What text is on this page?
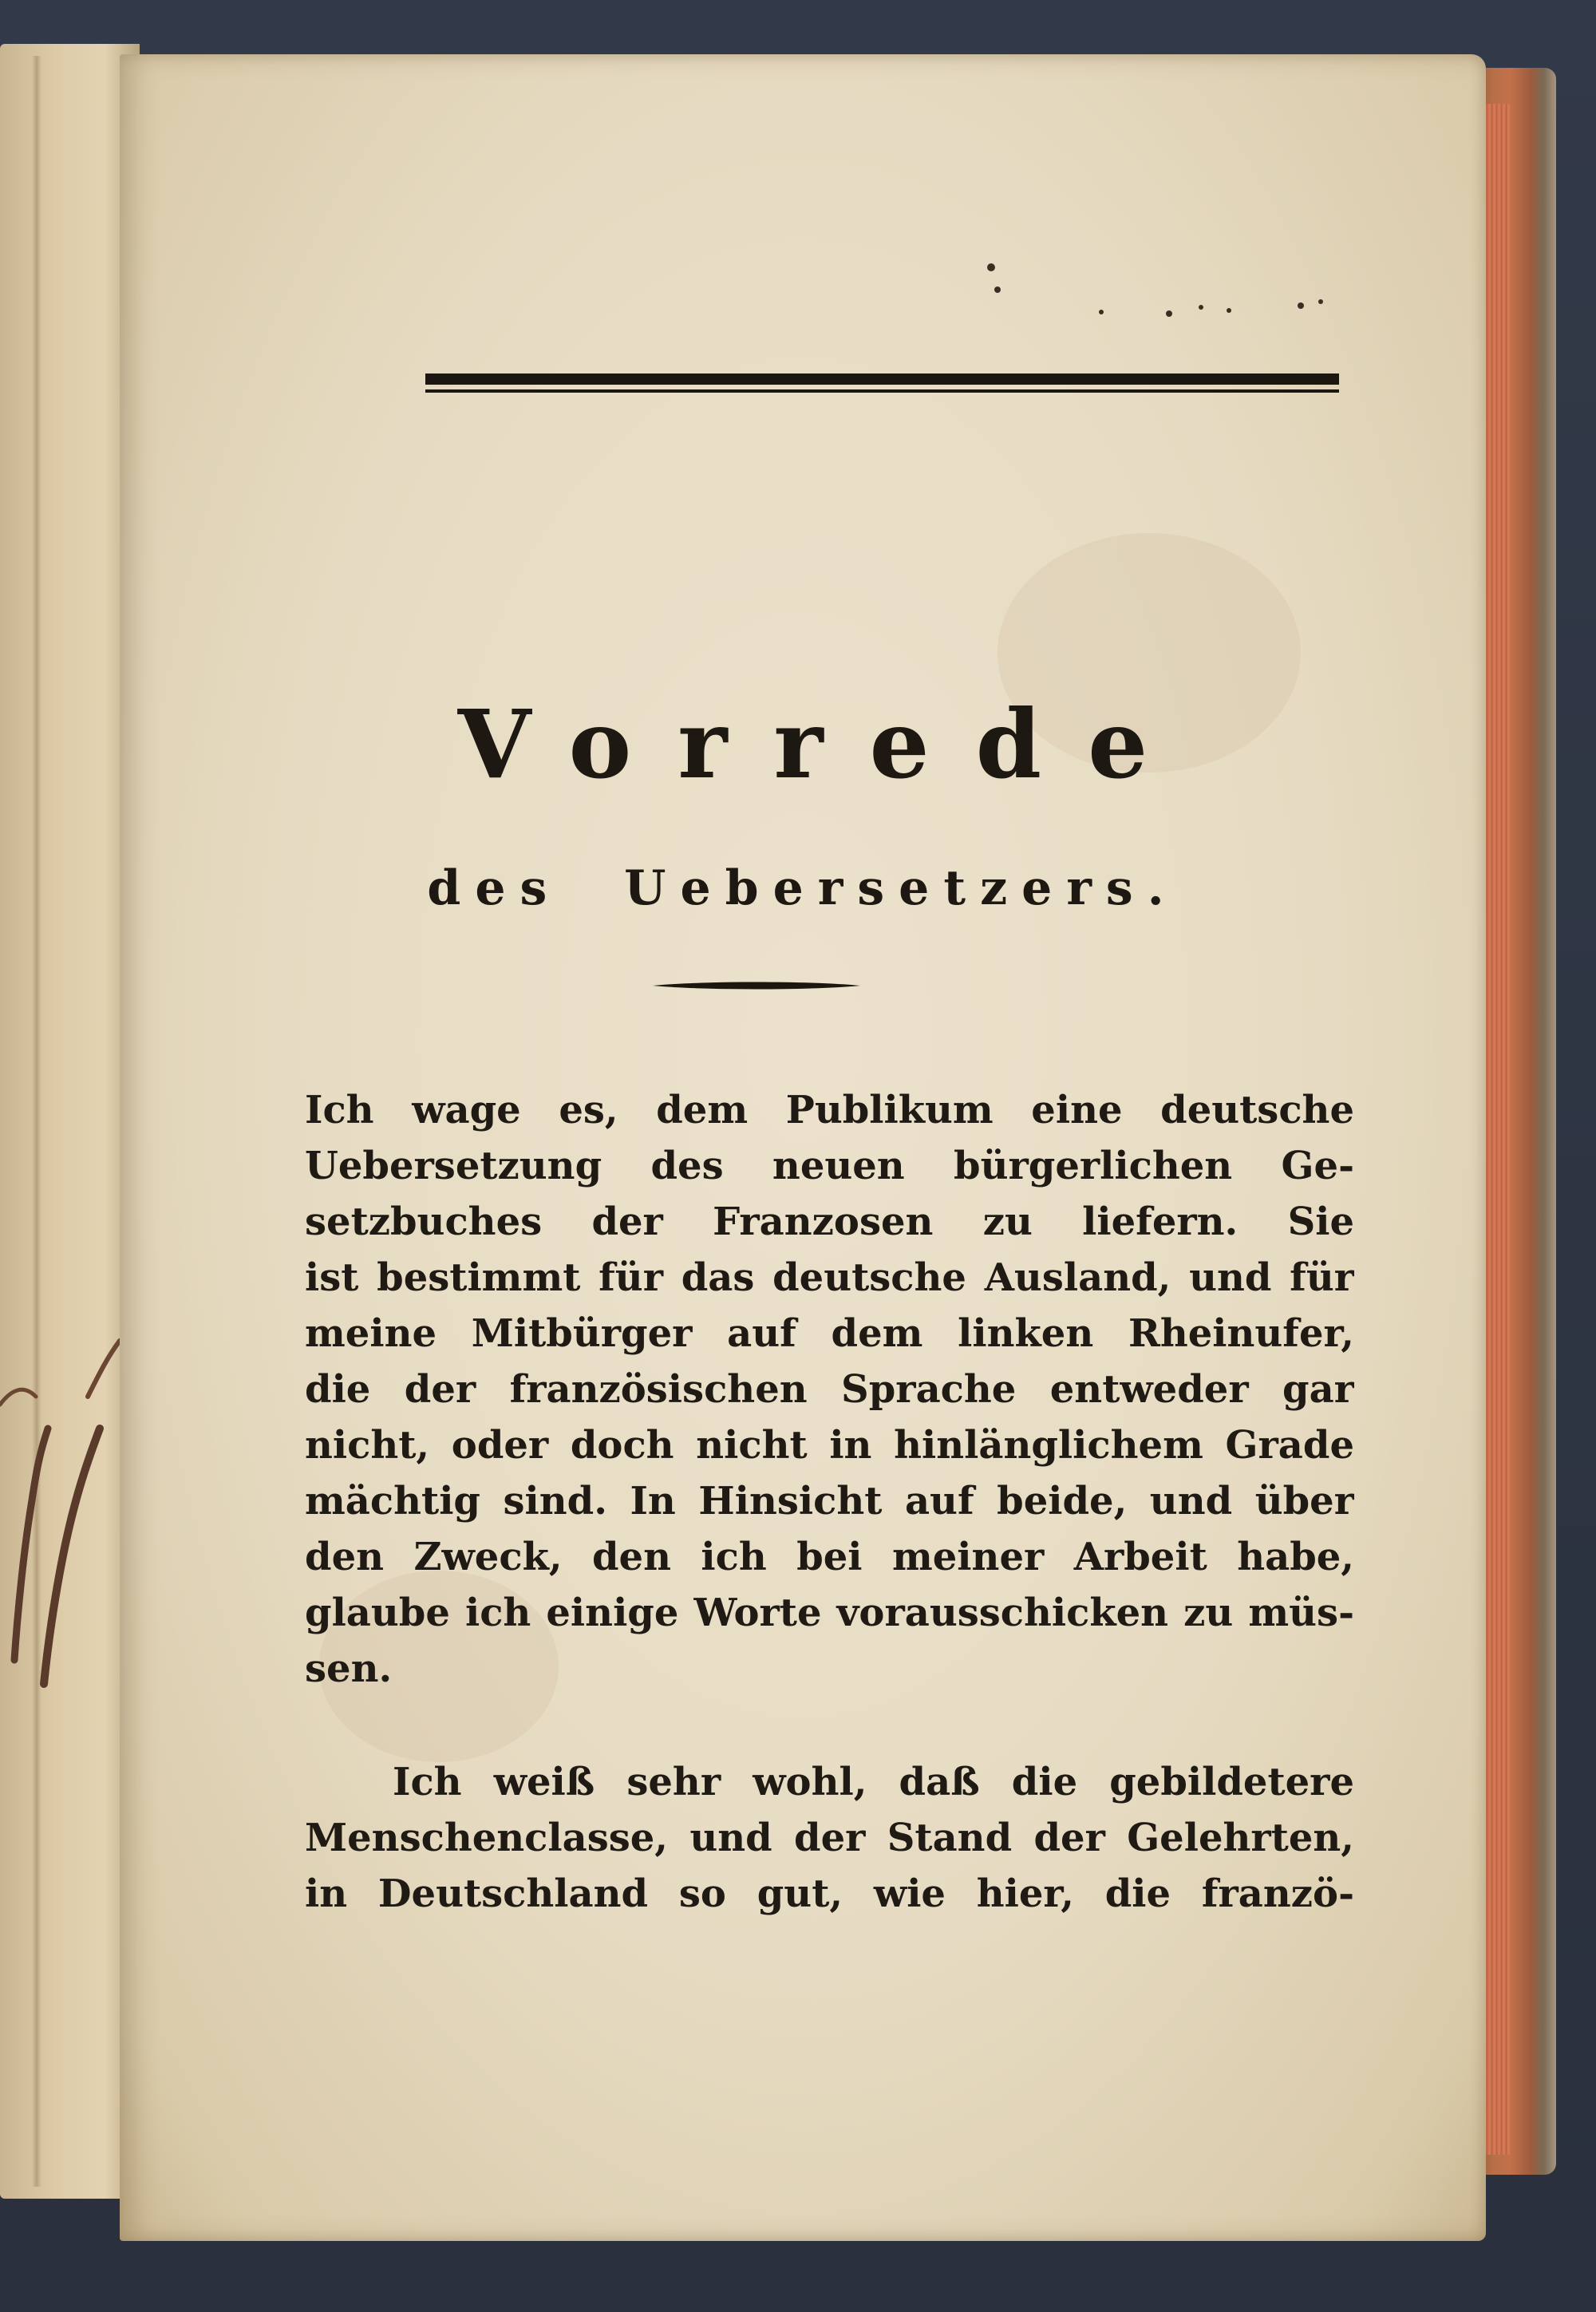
Vorrede
des Uebersetzers.
Ich wage es, dem Publikum eine deutsche
Uebersetzung des neuen bürgerlichen Ge-
setzbuches der Franzosen zu liefern. Sie
ist bestimmt für das deutsche Ausland, und für
meine Mitbürger auf dem linken Rheinufer,
die der französischen Sprache entweder gar
nicht, oder doch nicht in hinlänglichem Grade
mächtig sind. In Hinsicht auf beide, und über
den Zweck, den ich bei meiner Arbeit habe,
glaube ich einige Worte vorausschicken zu müs-
sen.
Ich weiß sehr wohl, daß die gebildetere
Menschenclasse, und der Stand der Gelehrten,
in Deutschland so gut, wie hier, die franzö-
